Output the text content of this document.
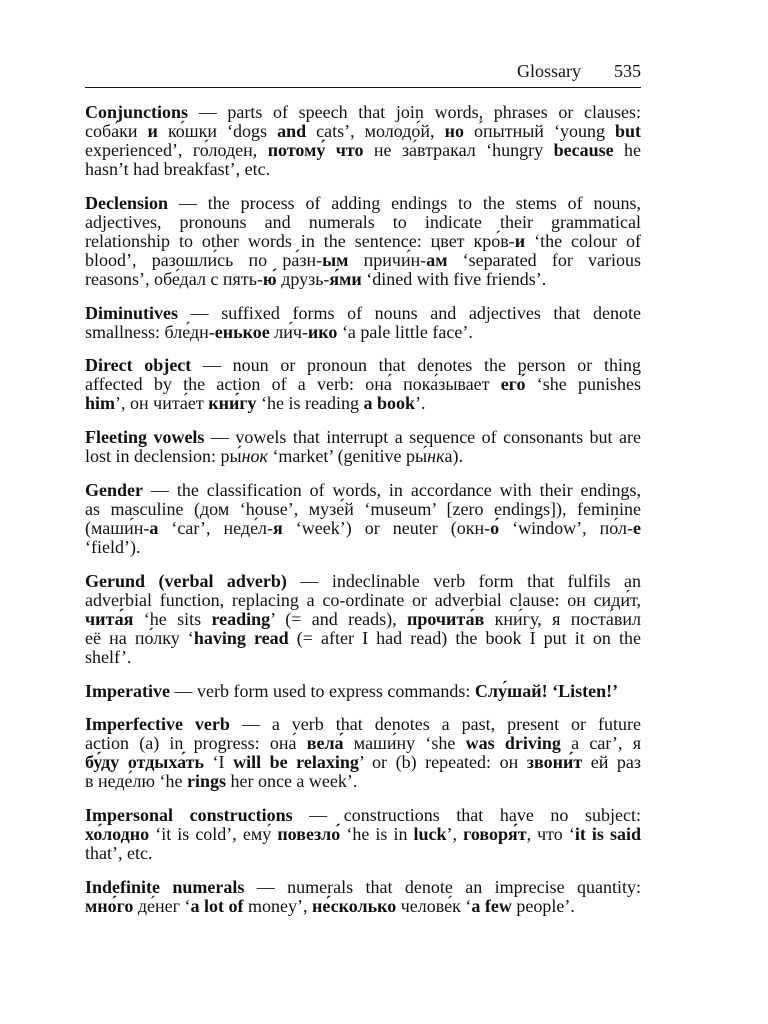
Glossary 535
Conjunctions — parts of speech that join words, phrases or clauses:
соба́ки и ко́шки ‘dogs and cats’, молодо́й, но о́пытный ‘young but
experienced’, го́лоден, потому́ что не за́втракал ‘hungry because he
hasn’t had breakfast’, etc.
Declension — the process of adding endings to the stems of nouns,
adjectives, pronouns and numerals to indicate their grammatical
relationship to other words in the sentence: цвет кро́в-и ‘the colour of
blood’, разошли́сь по ра́зн-ым причи́н-ам ‘separated for various
reasons’, обе́дал с пять-ю́ друзь-я́ми ‘dined with five friends’.
Diminutives — suffixed forms of nouns and adjectives that denote
smallness: бле́дн-енькое ли́ч-ико ‘a pale little face’.
Direct object — noun or pronoun that denotes the person or thing
affected by the action of a verb: она́ пока́зывает его́ ‘she punishes
him’, он чита́ет кни́гу ‘he is reading a book’.
Fleeting vowels — vowels that interrupt a sequence of consonants but are
lost in declension: ры́нок ‘market’ (genitive ры́нка).
Gender — the classification of words, in accordance with their endings,
as masculine (дом ‘house’, музе́й ‘museum’ [zero endings]), feminine
(маши́н-а ‘car’, неде́л-я ‘week’) or neuter (окн-о́ ‘window’, по́л-е
‘field’).
Gerund (verbal adverb) — indeclinable verb form that fulfils an
adverbial function, replacing a co-ordinate or adverbial clause: он сиди́т,
чита́я ‘he sits reading’ (= and reads), прочита́в кни́гу, я поста́вил
её на по́лку ‘having read (= after I had read) the book I put it on the
shelf’.
Imperative — verb form used to express commands: Слу́шай! ‘Listen!’
Imperfective verb — a verb that denotes a past, present or future
action (a) in progress: она́ вела́ маши́ну ‘she was driving a car’, я
бу́ду отдыха́ть ‘I will be relaxing’ or (b) repeated: он звони́т ей раз
в неде́лю ‘he rings her once a week’.
Impersonal constructions — constructions that have no subject:
хо́лодно ‘it is cold’, ему́ повезло́ ‘he is in luck’, говоря́т, что ‘it is said
that’, etc.
Indefinite numerals — numerals that denote an imprecise quantity:
мно́го де́нег ‘a lot of money’, не́сколько челове́к ‘a few people’.
